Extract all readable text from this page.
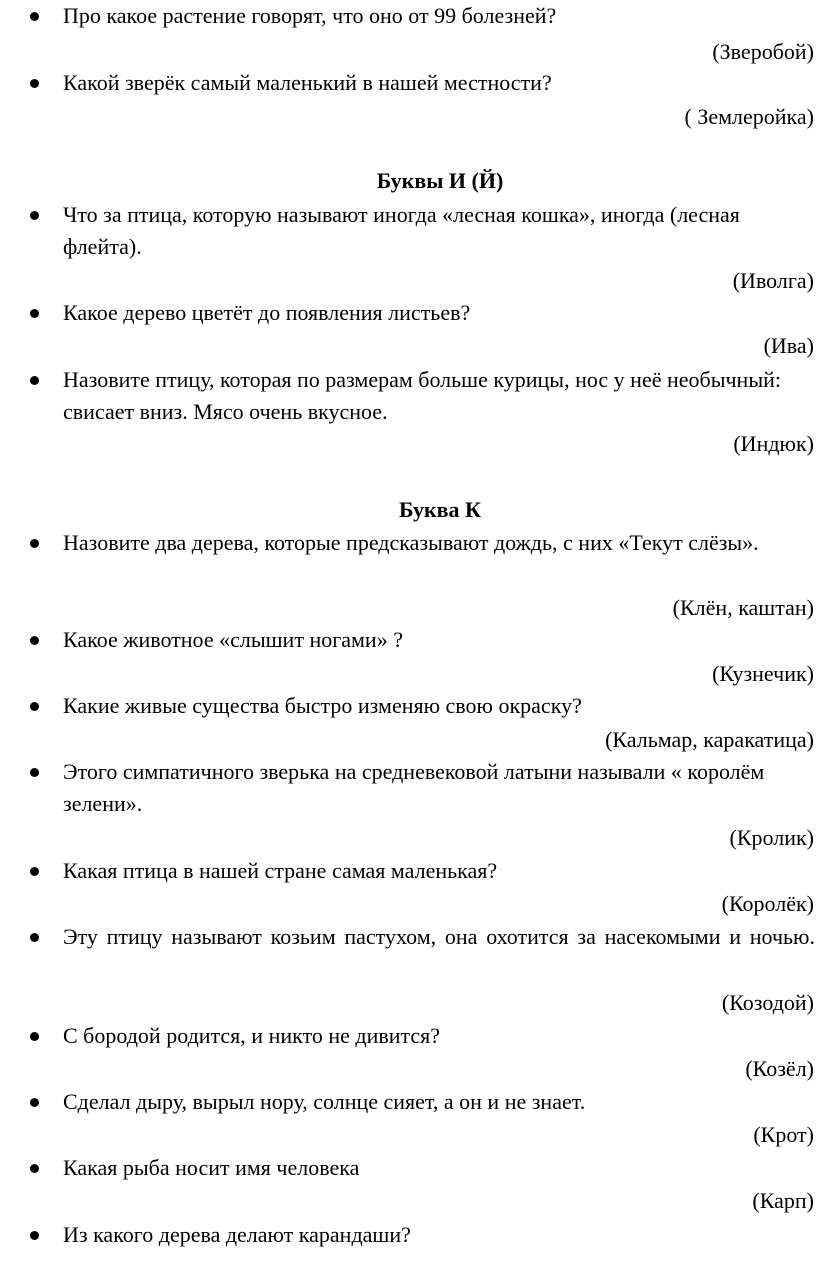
Про какое растение говорят, что оно от 99 болезней?
(Зверобой)
Какой зверёк самый маленький в нашей местности?
( Землеройка)
Буквы И (Й)
Что за птица, которую называют иногда «лесная кошка», иногда (лесная флейта).
(Иволга)
Какое дерево цветёт до появления листьев?
(Ива)
Назовите птицу, которая по размерам больше курицы, нос у неё необычный: свисает вниз. Мясо очень вкусное.
(Индюк)
Буква К
Назовите два дерева, которые предсказывают дождь, с них «Текут слёзы».
(Клён, каштан)
Какое животное «слышит ногами» ?
(Кузнечик)
Какие живые существа быстро изменяю свою окраску?
(Кальмар, каракатица)
Этого симпатичного зверька на средневековой латыни называли « королём зелени».
(Кролик)
Какая птица в нашей стране самая маленькая?
(Королёк)
Эту птицу называют козьим пастухом, она охотится за насекомыми и ночью.
(Козодой)
С бородой родится, и никто не дивится?
(Козёл)
Сделал дыру, вырыл нору, солнце сияет, а он и не знает.
(Крот)
Какая рыба носит имя человека
(Карп)
Из какого дерева делают карандаши?
